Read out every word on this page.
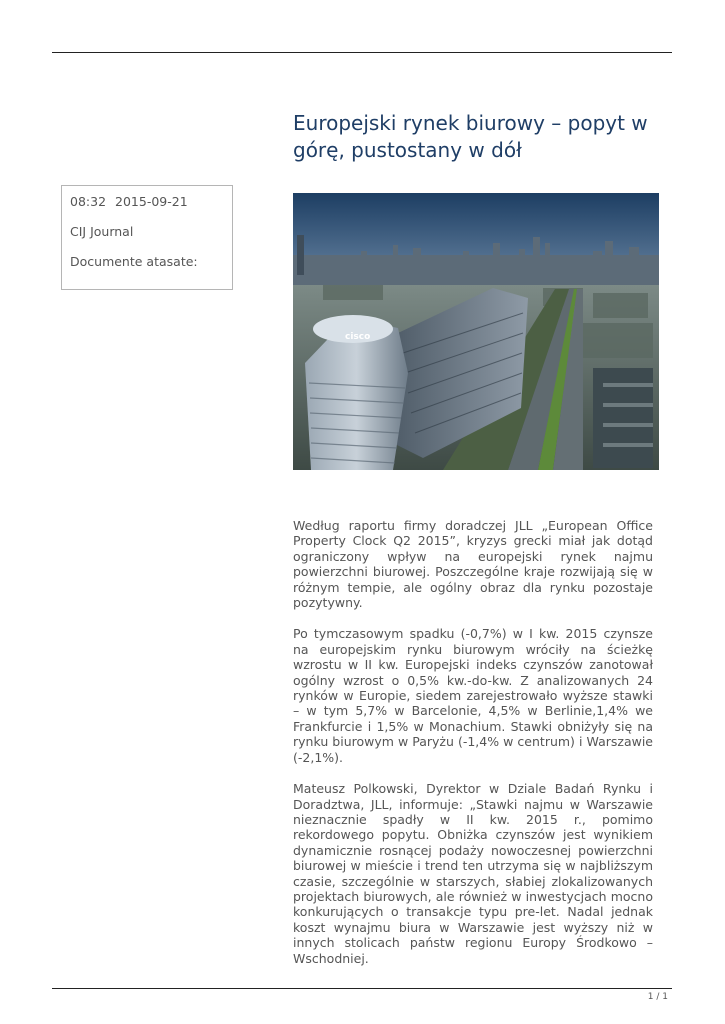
Europejski rynek biurowy – popyt w górę, pustostany w dół
08:32 2015-09-21
CIJ Journal
Documente atasate:
cisco

Według raportu firmy doradczej JLL „European Office Property Clock Q2 2015”, kryzys grecki miał jak dotąd ograniczony wpływ na europejski rynek najmu powierzchni biurowej. Poszczególne kraje rozwijają się w różnym tempie, ale ogólny obraz dla rynku pozostaje pozytywny.

Po tymczasowym spadku (-0,7%) w I kw. 2015 czynsze na europejskim rynku biurowym wróciły na ścieżkę wzrostu w II kw. Europejski indeks czynszów zanotował ogólny wzrost o 0,5% kw.-do-kw. Z analizowanych 24 rynków w Europie, siedem zarejestrowało wyższe stawki – w tym 5,7% w Barcelonie, 4,5% w Berlinie,1,4% we Frankfurcie i 1,5% w Monachium. Stawki obniżyły się na rynku biurowym w Paryżu (-1,4% w centrum) i Warszawie (-2,1%).

Mateusz Polkowski, Dyrektor w Dziale Badań Rynku i Doradztwa, JLL, informuje: „Stawki najmu w Warszawie nieznacznie spadły w II kw. 2015 r., pomimo rekordowego popytu. Obniżka czynszów jest wynikiem dynamicznie rosnącej podaży nowoczesnej powierzchni biurowej w mieście i trend ten utrzyma się w najbliższym czasie, szczególnie w starszych, słabiej zlokalizowanych projektach biurowych, ale również w inwestycjach mocno konkurujących o transakcje typu pre-let. Nadal jednak koszt wynajmu biura w Warszawie jest wyższy niż w innych stolicach państw regionu Europy Środkowo – Wschodniej.

1 / 1
